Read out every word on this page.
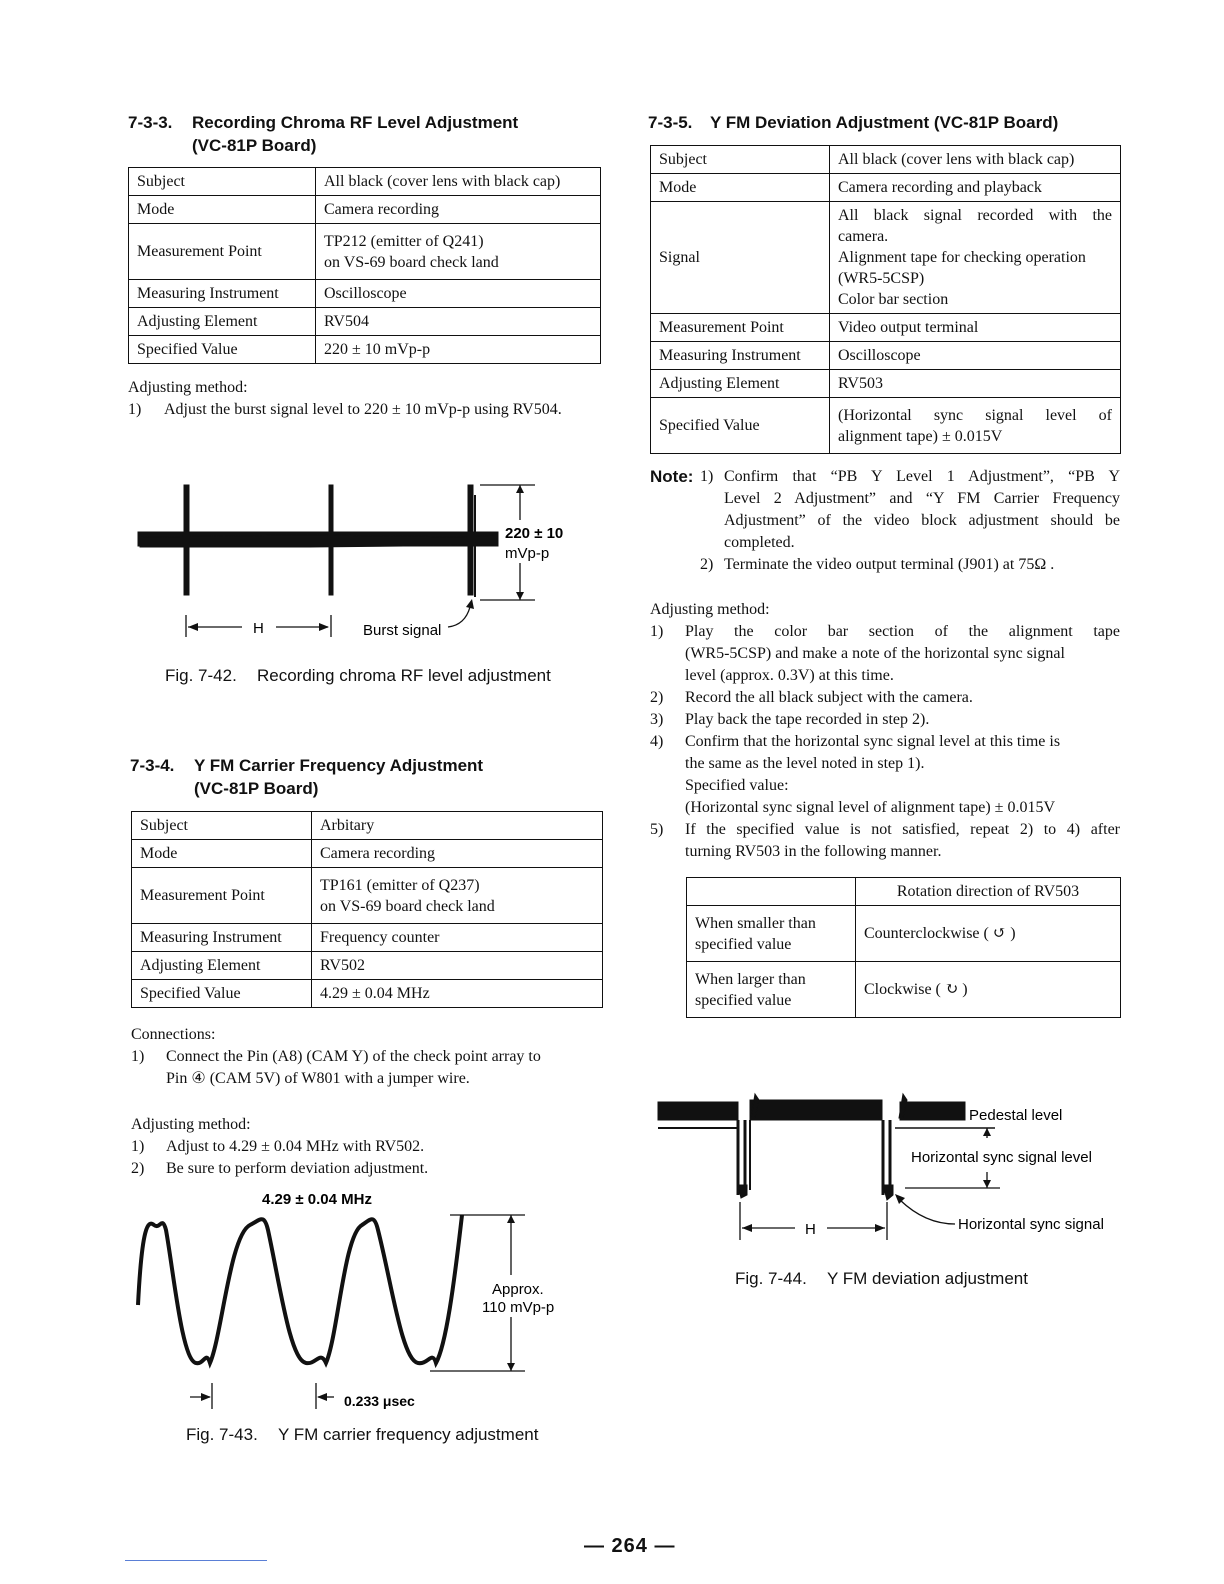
7-3-3. Recording Chroma RF Level Adjustment
(VC-81P Board)
Subject	All black (cover lens with black cap)
Mode	Camera recording
Measurement Point	TP212 (emitter of Q241)
on VS-69 board check land

Measuring Instrument	Oscilloscope
Adjusting Element	RV504
Specified Value	220 ± 10 mVp-p
Adjusting method:
1) Adjust the burst signal level to 220 ± 10 mVp-p using RV504.
220 ± 10
mVp-p
H	Burst signal
Fig. 7-42. Recording chroma RF level adjustment
7-3-4. Y FM Carrier Frequency Adjustment
(VC-81P Board)
Subject	Arbitary
Mode	Camera recording
Measurement Point	TP161 (emitter of Q237)
on VS-69 board check land

Measuring Instrument	Frequency counter
Adjusting Element	RV502
Specified Value	4.29 ± 0.04 MHz
Connections:
1) Connect the Pin (A8) (CAM Y) of the check point array to
Pin ④ (CAM 5V) of W801 with a jumper wire.
Adjusting method:
1) Adjust to 4.29 ± 0.04 MHz with RV502.
2) Be sure to perform deviation adjustment.
4.29 ± 0.04 MHz
Approx.
110 mVp-p
0.233 μsec
Fig. 7-43. Y FM carrier frequency adjustment
7-3-5. Y FM Deviation Adjustment (VC-81P Board)
Subject	All black (cover lens with black cap)
Mode	Camera recording and playback
Signal	All black signal recorded with the
camera.
Alignment tape for checking operation
(WR5-5CSP)
Color bar section

Measurement Point	Video output terminal
Measuring Instrument	Oscilloscope
Adjusting Element	RV503
Specified Value	(Horizontal sync signal level of
alignment tape) ± 0.015V
Note: 1) Confirm that “PB Y Level 1 Adjustment”, “PB Y
Level 2 Adjustment” and “Y FM Carrier Frequency
Adjustment” of the video block adjustment should be
completed.
2) Terminate the video output terminal (J901) at 75Ω .
Adjusting method:
1) Play the color bar section of the alignment tape
(WR5-5CSP) and make a note of the horizontal sync signal
level (approx. 0.3V) at this time.
2) Record the all black subject with the camera.
3) Play back the tape recorded in step 2).
4) Confirm that the horizontal sync signal level at this time is
the same as the level noted in step 1).
Specified value:
(Horizontal sync signal level of alignment tape) ± 0.015V
5) If the specified value is not satisfied, repeat 2) to 4) after
turning RV503 in the following manner.
	Rotation direction of RV503

When smaller than
specified value	Counterclockwise ( ↺ )

When larger than
specified value	Clockwise ( ↻ )
Pedestal level
Horizontal sync signal level
H	Horizontal sync signal
Fig. 7-44. Y FM deviation adjustment
— 264 —
